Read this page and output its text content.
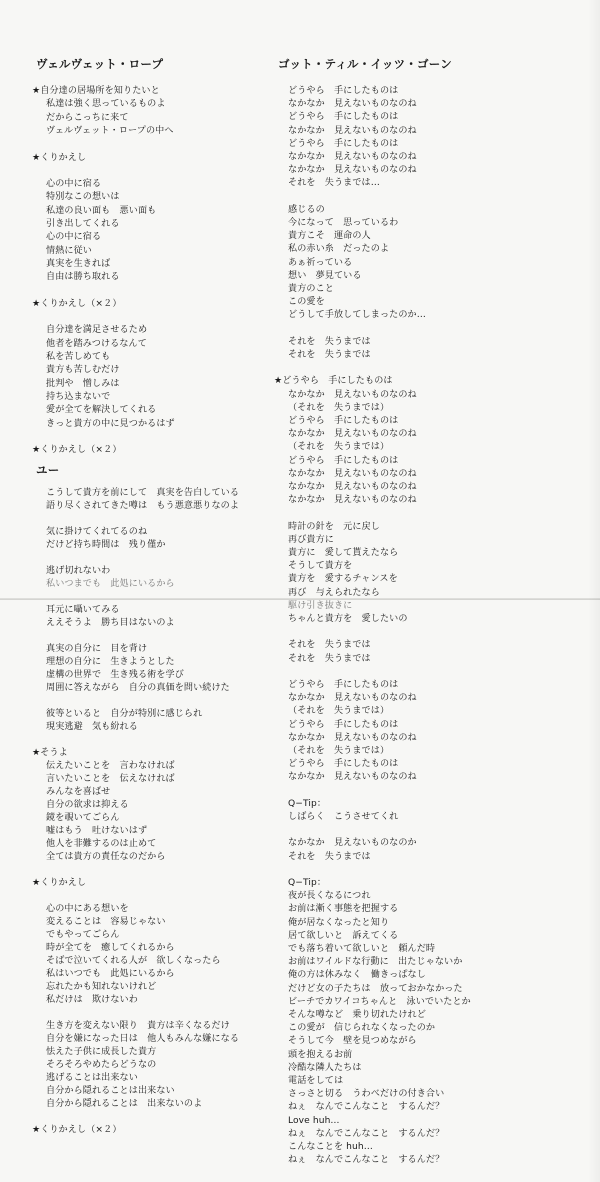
ヴェルヴェット・ロープ
★自分達の居場所を知りたいと
私達は強く思っているものよ
だからこっちに来て
ヴェルヴェット・ロープの中へ
★くりかえし
心の中に宿る
特別なこの想いは
私達の良い面も　悪い面も
引き出してくれる
心の中に宿る
情熱に従い
真実を生きれば
自由は勝ち取れる
★くりかえし（×２）
自分達を満足させるため
他者を踏みつけるなんて
私を苦しめても
貴方も苦しむだけ
批判や　憎しみは
持ち込まないで
愛が全てを解決してくれる
きっと貴方の中に見つかるはず
★くりかえし（×２）
ユー
こうして貴方を前にして　真実を告白している
語り尽くされてきた噂は　もう悪意悪りなのよ
気に掛けてくれてるのね
だけど持ち時間は　残り僅か
逃げ切れないわ
私いつまでも　此処にいるから
耳元に囁いてみる
ええそうよ　勝ち目はないのよ
真実の自分に　目を背け
理想の自分に　生きようとした
虚構の世界で　生き残る術を学び
周囲に答えながら　自分の真価を問い続けた
彼等といると　自分が特別に感じられ
現実逃避　気も紛れる
★そうよ
伝えたいことを　言わなければ
言いたいことを　伝えなければ
みんなを喜ばせ
自分の欲求は抑える
鏡を覗いてごらん
嘘はもう　吐けないはず
他人を非難するのは止めて
全ては貴方の責任なのだから
★くりかえし
心の中にある想いを
変えることは　容易じゃない
でもやってごらん
時が全てを　癒してくれるから
そばで泣いてくれる人が　欲しくなったら
私はいつでも　此処にいるから
忘れたかも知れないけれど
私だけは　欺けないわ
生き方を変えない限り　貴方は辛くなるだけ
自分を嫌になった日は　他人もみんな嫌になる
怯えた子供に成長した貴方
そろそろやめたらどうなの
逃げることは出来ない
自分から隠れることは出来ない
自分から隠れることは　出来ないのよ
★くりかえし（×２）
ゴット・ティル・イッツ・ゴーン
どうやら　手にしたものは
なかなか　見えないものなのね
どうやら　手にしたものは
なかなか　見えないものなのね
どうやら　手にしたものは
なかなか　見えないものなのね
なかなか　見えないものなのね
それを　失うまでは…
感じるの
今になって　思っているわ
貴方こそ　運命の人
私の赤い糸　だったのよ
あぁ祈っている
想い　夢見ている
貴方のこと
この愛を
どうして手放してしまったのか…
それを　失うまでは
それを　失うまでは
★どうやら　手にしたものは
なかなか　見えないものなのね
（それを　失うまでは）
どうやら　手にしたものは
なかなか　見えないものなのね
（それを　失うまでは）
どうやら　手にしたものは
なかなか　見えないものなのね
なかなか　見えないものなのね
なかなか　見えないものなのね
時計の針を　元に戻し
再び貴方に
貴方に　愛して貰えたなら
そうして貴方を
貴方を　愛するチャンスを
再び　与えられたなら
駆け引き抜きに
ちゃんと貴方を　愛したいの
それを　失うまでは
それを　失うまでは
どうやら　手にしたものは
なかなか　見えないものなのね
（それを　失うまでは）
どうやら　手にしたものは
なかなか　見えないものなのね
（それを　失うまでは）
どうやら　手にしたものは
なかなか　見えないものなのね
Q−Tip：
しばらく　こうさせてくれ
なかなか　見えないものなのか
それを　失うまでは
Q−Tip：
夜が長くなるにつれ
お前は漸く事態を把握する
俺が居なくなったと知り
居て欲しいと　訴えてくる
でも落ち着いて欲しいと　頼んだ時
お前はワイルドな行動に　出たじゃないか
俺の方は休みなく　働きっぱなし
だけど女の子たちは　放っておかなかった
ビーチでカワイコちゃんと　泳いでいたとか
そんな噂など　乗り切れたけれど
この愛が　信じられなくなったのか
そうして今　壁を見つめながら
頭を抱えるお前
冷酷な隣人たちは
電話をしては
さっさと切る　うわべだけの付き合い
ねぇ　なんでこんなこと　するんだ？
Love huh…
ねぇ　なんでこんなこと　するんだ？
こんなことを huh…
ねぇ　なんでこんなこと　するんだ？
